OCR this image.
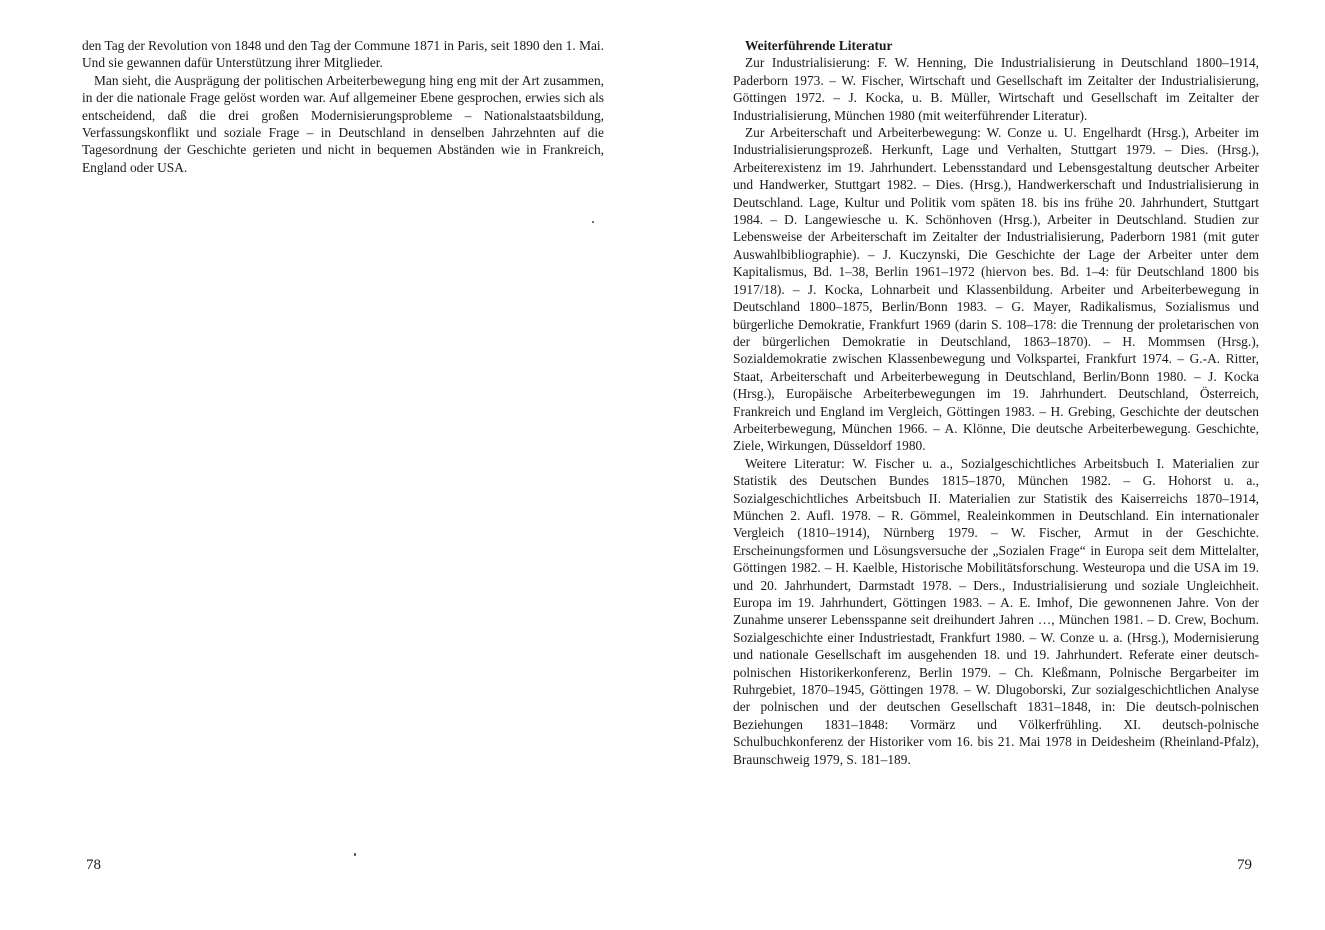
den Tag der Revolution von 1848 und den Tag der Commune 1871 in Paris, seit 1890 den 1. Mai. Und sie gewannen dafür Unterstützung ihrer Mitglieder.

Man sieht, die Ausprägung der politischen Arbeiterbewegung hing eng mit der Art zusammen, in der die nationale Frage gelöst worden war. Auf allgemeiner Ebene gesprochen, erwies sich als entscheidend, daß die drei großen Modernisierungsprobleme – Nationalstaatsbildung, Verfassungskonflikt und soziale Frage – in Deutschland in denselben Jahrzehnten auf die Tagesordnung der Geschichte gerieten und nicht in bequemen Abständen wie in Frankreich, England oder USA.

78

Weiterführende Literatur

Zur Industrialisierung: F. W. Henning, Die Industrialisierung in Deutschland 1800–1914, Paderborn 1973. – W. Fischer, Wirtschaft und Gesellschaft im Zeitalter der Industrialisierung, Göttingen 1972. – J. Kocka, u. B. Müller, Wirtschaft und Gesellschaft im Zeitalter der Industrialisierung, München 1980 (mit weiterführender Literatur).

Zur Arbeiterschaft und Arbeiterbewegung: W. Conze u. U. Engelhardt (Hrsg.), Arbeiter im Industrialisierungsprozeß. Herkunft, Lage und Verhalten, Stuttgart 1979. – Dies. (Hrsg.), Arbeiterexistenz im 19. Jahrhundert. Lebensstandard und Lebensgestaltung deutscher Arbeiter und Handwerker, Stuttgart 1982. – Dies. (Hrsg.), Handwerkerschaft und Industrialisierung in Deutschland. Lage, Kultur und Politik vom späten 18. bis ins frühe 20. Jahrhundert, Stuttgart 1984. – D. Langewiesche u. K. Schönhoven (Hrsg.), Arbeiter in Deutschland. Studien zur Lebensweise der Arbeiterschaft im Zeitalter der Industrialisierung, Paderborn 1981 (mit guter Auswahlbibliographie). – J. Kuczynski, Die Geschichte der Lage der Arbeiter unter dem Kapitalismus, Bd. 1–38, Berlin 1961–1972 (hiervon bes. Bd. 1–4: für Deutschland 1800 bis 1917/18). – J. Kocka, Lohnarbeit und Klassenbildung. Arbeiter und Arbeiterbewegung in Deutschland 1800–1875, Berlin/Bonn 1983. – G. Mayer, Radikalismus, Sozialismus und bürgerliche Demokratie, Frankfurt 1969 (darin S. 108–178: die Trennung der proletarischen von der bürgerlichen Demokratie in Deutschland, 1863–1870). – H. Mommsen (Hrsg.), Sozialdemokratie zwischen Klassenbewegung und Volkspartei, Frankfurt 1974. – G.-A. Ritter, Staat, Arbeiterschaft und Arbeiterbewegung in Deutschland, Berlin/Bonn 1980. – J. Kocka (Hrsg.), Europäische Arbeiterbewegungen im 19. Jahrhundert. Deutschland, Österreich, Frankreich und England im Vergleich, Göttingen 1983. – H. Grebing, Geschichte der deutschen Arbeiterbewegung, München 1966. – A. Klönne, Die deutsche Arbeiterbewegung. Geschichte, Ziele, Wirkungen, Düsseldorf 1980.

Weitere Literatur: W. Fischer u. a., Sozialgeschichtliches Arbeitsbuch I. Materialien zur Statistik des Deutschen Bundes 1815–1870, München 1982. – G. Hohorst u. a., Sozialgeschichtliches Arbeitsbuch II. Materialien zur Statistik des Kaiserreichs 1870–1914, München 2. Aufl. 1978. – R. Gömmel, Realeinkommen in Deutschland. Ein internationaler Vergleich (1810–1914), Nürnberg 1979. – W. Fischer, Armut in der Geschichte. Erscheinungsformen und Lösungsversuche der „Sozialen Frage“ in Europa seit dem Mittelalter, Göttingen 1982. – H. Kaelble, Historische Mobilitätsforschung. Westeuropa und die USA im 19. und 20. Jahrhundert, Darmstadt 1978. – Ders., Industrialisierung und soziale Ungleichheit. Europa im 19. Jahrhundert, Göttingen 1983. – A. E. Imhof, Die gewonnenen Jahre. Von der Zunahme unserer Lebensspanne seit dreihundert Jahren …, München 1981. – D. Crew, Bochum. Sozialgeschichte einer Industriestadt, Frankfurt 1980. – W. Conze u. a. (Hrsg.), Modernisierung und nationale Gesellschaft im ausgehenden 18. und 19. Jahrhundert. Referate einer deutsch-polnischen Historikerkonferenz, Berlin 1979. – Ch. Kleßmann, Polnische Bergarbeiter im Ruhrgebiet, 1870–1945, Göttingen 1978. – W. Dlugoborski, Zur sozialgeschichtlichen Analyse der polnischen und der deutschen Gesellschaft 1831–1848, in: Die deutsch-polnischen Beziehungen 1831–1848: Vormärz und Völkerfrühling. XI. deutsch-polnische Schulbuchkonferenz der Historiker vom 16. bis 21. Mai 1978 in Deidesheim (Rheinland-Pfalz), Braunschweig 1979, S. 181–189.

79
